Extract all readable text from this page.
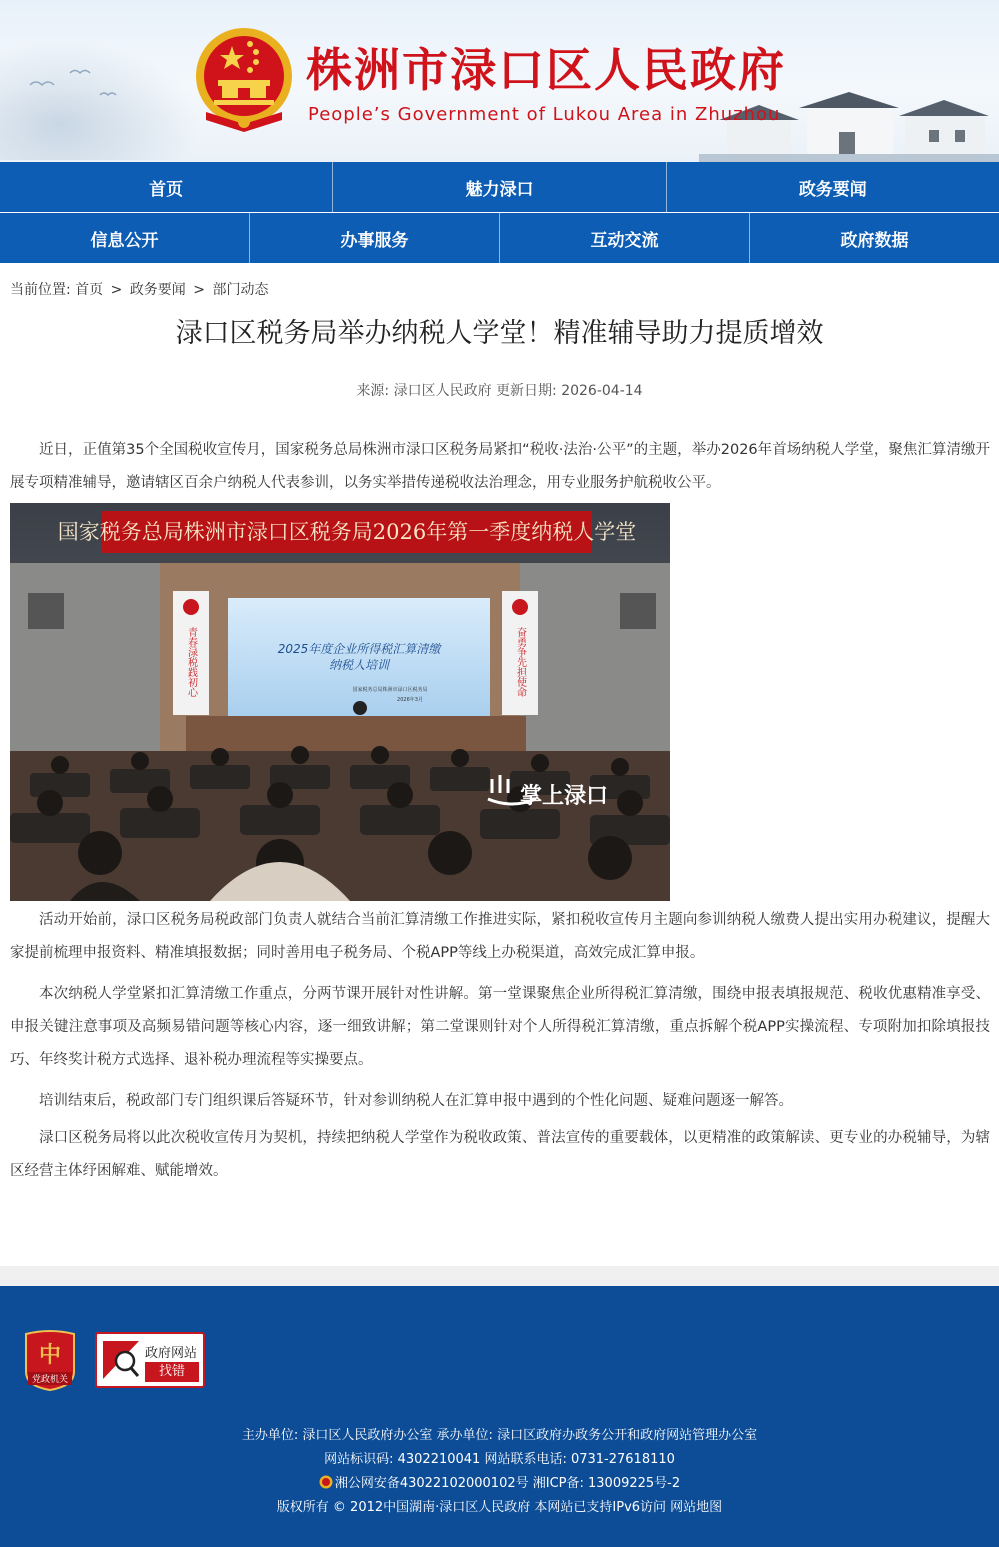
株洲市渌口区人民政府
People’s Government of Lukou Area in Zhuzhou
首页	魅力渌口	政务要闻
信息公开	办事服务	互动交流	政府数据
当前位置: 首页 > 政务要闻 > 部门动态
渌口区税务局举办纳税人学堂！精准辅导助力提质增效
来源: 渌口区人民政府 更新日期: 2026-04-14

近日，正值第35个全国税收宣传月，国家税务总局株洲市渌口区税务局紧扣“税收·法治·公平”的主题，举办2026年首场纳税人学堂，聚焦汇算清缴开展专项精准辅导，邀请辖区百余户纳税人代表参训，以务实举措传递税收法治理念，用专业服务护航税收公平。

国家税务总局株洲市渌口区税务局2026年第一季度纳税人学堂
2025年度企业所得税汇算清缴
纳税人培训
国家税务总局株洲市渌口区税务局
2026年3月
青春渌税践初心	奋勇争先担使命
掌上渌口

活动开始前，渌口区税务局税政部门负责人就结合当前汇算清缴工作推进实际，紧扣税收宣传月主题向参训纳税人缴费人提出实用办税建议，提醒大家提前梳理申报资料、精准填报数据；同时善用电子税务局、个税APP等线上办税渠道，高效完成汇算申报。

本次纳税人学堂紧扣汇算清缴工作重点，分两节课开展针对性讲解。第一堂课聚焦企业所得税汇算清缴，围绕申报表填报规范、税收优惠精准享受、申报关键注意事项及高频易错问题等核心内容，逐一细致讲解；第二堂课则针对个人所得税汇算清缴，重点拆解个税APP实操流程、专项附加扣除填报技巧、年终奖计税方式选择、退补税办理流程等实操要点。

培训结束后，税政部门专门组织课后答疑环节，针对参训纳税人在汇算申报中遇到的个性化问题、疑难问题逐一解答。

渌口区税务局将以此次税收宣传月为契机，持续把纳税人学堂作为税收政策、普法宣传的重要载体，以更精准的政策解读、更专业的办税辅导，为辖区经营主体纾困解难、赋能增效。

中
党政机关
政府网站
找错
主办单位: 渌口区人民政府办公室 承办单位: 渌口区政府办政务公开和政府网站管理办公室
网站标识码: 4302210041 网站联系电话: 0731-27618110
湘公网安备43022102000102号 湘ICP备: 13009225号-2
版权所有 © 2012中国湖南·渌口区人民政府 本网站已支持IPv6访问 网站地图
